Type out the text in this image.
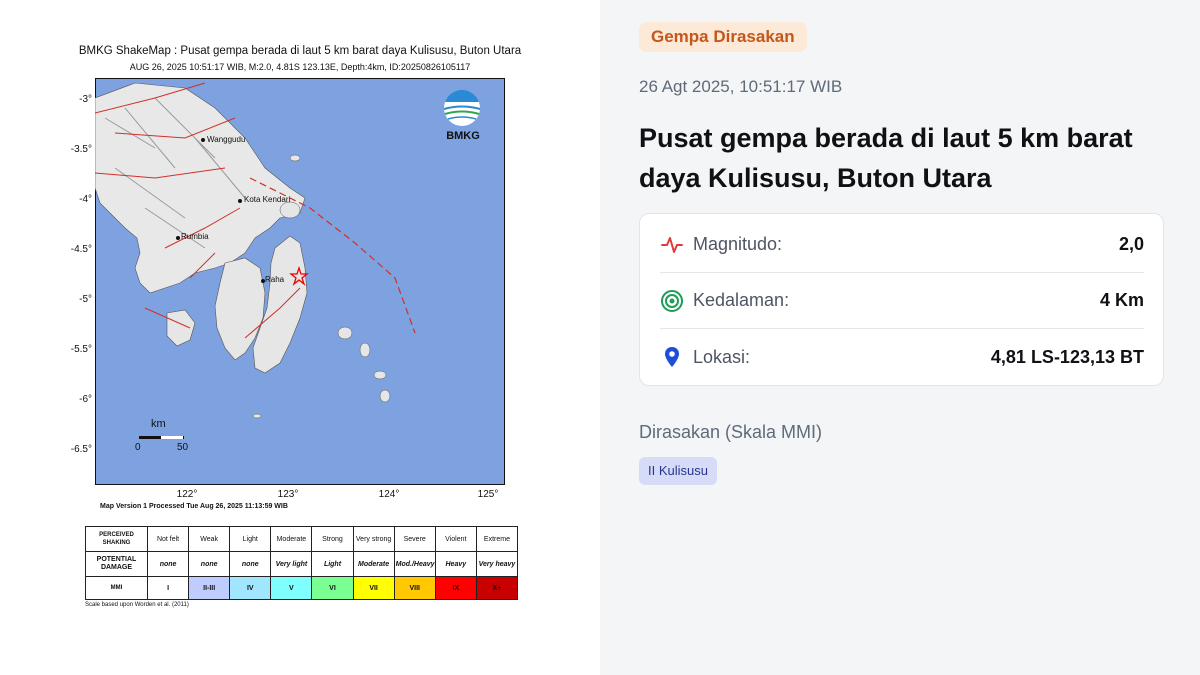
BMKG ShakeMap : Pusat gempa berada di laut 5 km barat daya Kulisusu, Buton Utara
AUG 26, 2025 10:51:17 WIB, M:2.0, 4.81S 123.13E, Depth:4km, ID:20250826105117
BMKG
Wanggudu
Kota Kendari
Rumbia
Raha
km
0	50
-3°
-3.5°
-4°
-4.5°
-5°
-5.5°
-6°
-6.5°
122°	123°	124°	125°
Map Version 1 Processed Tue Aug 26, 2025 11:13:59 WIB
PERCEIVED SHAKING	Not felt	Weak	Light	Moderate	Strong	Very strong	Severe	Violent	Extreme
POTENTIAL DAMAGE	none	none	none	Very light	Light	Moderate	Mod./Heavy	Heavy	Very heavy
MMI	I	II-III	IV	V	VI	VII	VIII	IX	X+
Scale based upon Worden et al. (2011)
Gempa Dirasakan
26 Agt 2025, 10:51:17 WIB
Pusat gempa berada di laut 5 km barat daya Kulisusu, Buton Utara
Magnitudo:	2,0
Kedalaman:	4 Km
Lokasi:	4,81 LS-123,13 BT
Dirasakan (Skala MMI)
II Kulisusu
